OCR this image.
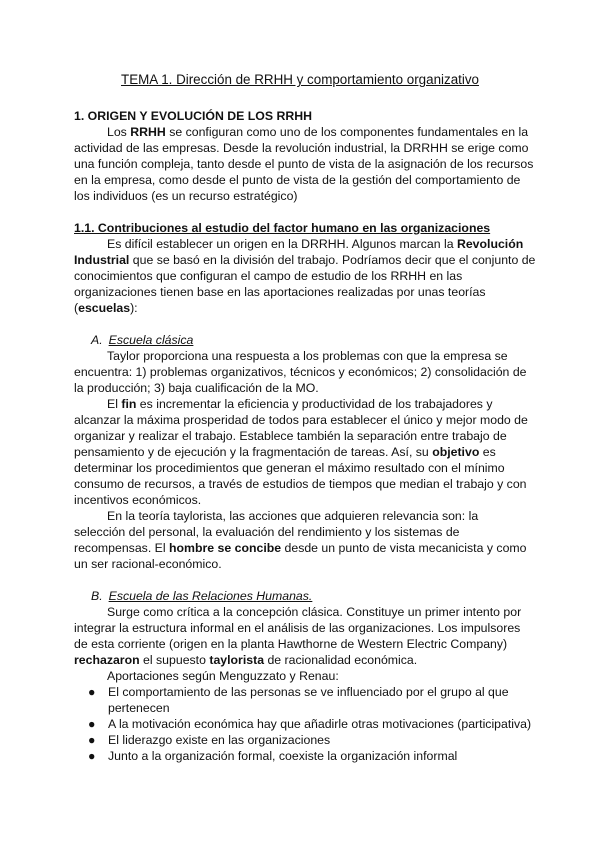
TEMA 1. Dirección de RRHH y comportamiento organizativo
1. ORIGEN Y EVOLUCIÓN DE LOS RRHH
Los RRHH se configuran como uno de los componentes fundamentales en la
actividad de las empresas. Desde la revolución industrial, la DRRHH se erige como
una función compleja, tanto desde el punto de vista de la asignación de los recursos
en la empresa, como desde el punto de vista de la gestión del comportamiento de
los individuos (es un recurso estratégico)
1.1. Contribuciones al estudio del factor humano en las organizaciones
Es difícil establecer un origen en la DRRHH. Algunos marcan la Revolución
Industrial que se basó en la división del trabajo. Podríamos decir que el conjunto de
conocimientos que configuran el campo de estudio de los RRHH en las
organizaciones tienen base en las aportaciones realizadas por unas teorías
(escuelas):
A. Escuela clásica
Taylor proporciona una respuesta a los problemas con que la empresa se
encuentra: 1) problemas organizativos, técnicos y económicos; 2) consolidación de
la producción; 3) baja cualificación de la MO.
El fin es incrementar la eficiencia y productividad de los trabajadores y
alcanzar la máxima prosperidad de todos para establecer el único y mejor modo de
organizar y realizar el trabajo. Establece también la separación entre trabajo de
pensamiento y de ejecución y la fragmentación de tareas. Así, su objetivo es
determinar los procedimientos que generan el máximo resultado con el mínimo
consumo de recursos, a través de estudios de tiempos que median el trabajo y con
incentivos económicos.
En la teoría taylorista, las acciones que adquieren relevancia son: la
selección del personal, la evaluación del rendimiento y los sistemas de
recompensas. El hombre se concibe desde un punto de vista mecanicista y como
un ser racional-económico.
B. Escuela de las Relaciones Humanas.
Surge como crítica a la concepción clásica. Constituye un primer intento por
integrar la estructura informal en el análisis de las organizaciones. Los impulsores
de esta corriente (origen en la planta Hawthorne de Western Electric Company)
rechazaron el supuesto taylorista de racionalidad económica.
Aportaciones según Menguzzato y Renau:
● El comportamiento de las personas se ve influenciado por el grupo al que
pertenecen
● A la motivación económica hay que añadirle otras motivaciones (participativa)
● El liderazgo existe en las organizaciones
● Junto a la organización formal, coexiste la organización informal
